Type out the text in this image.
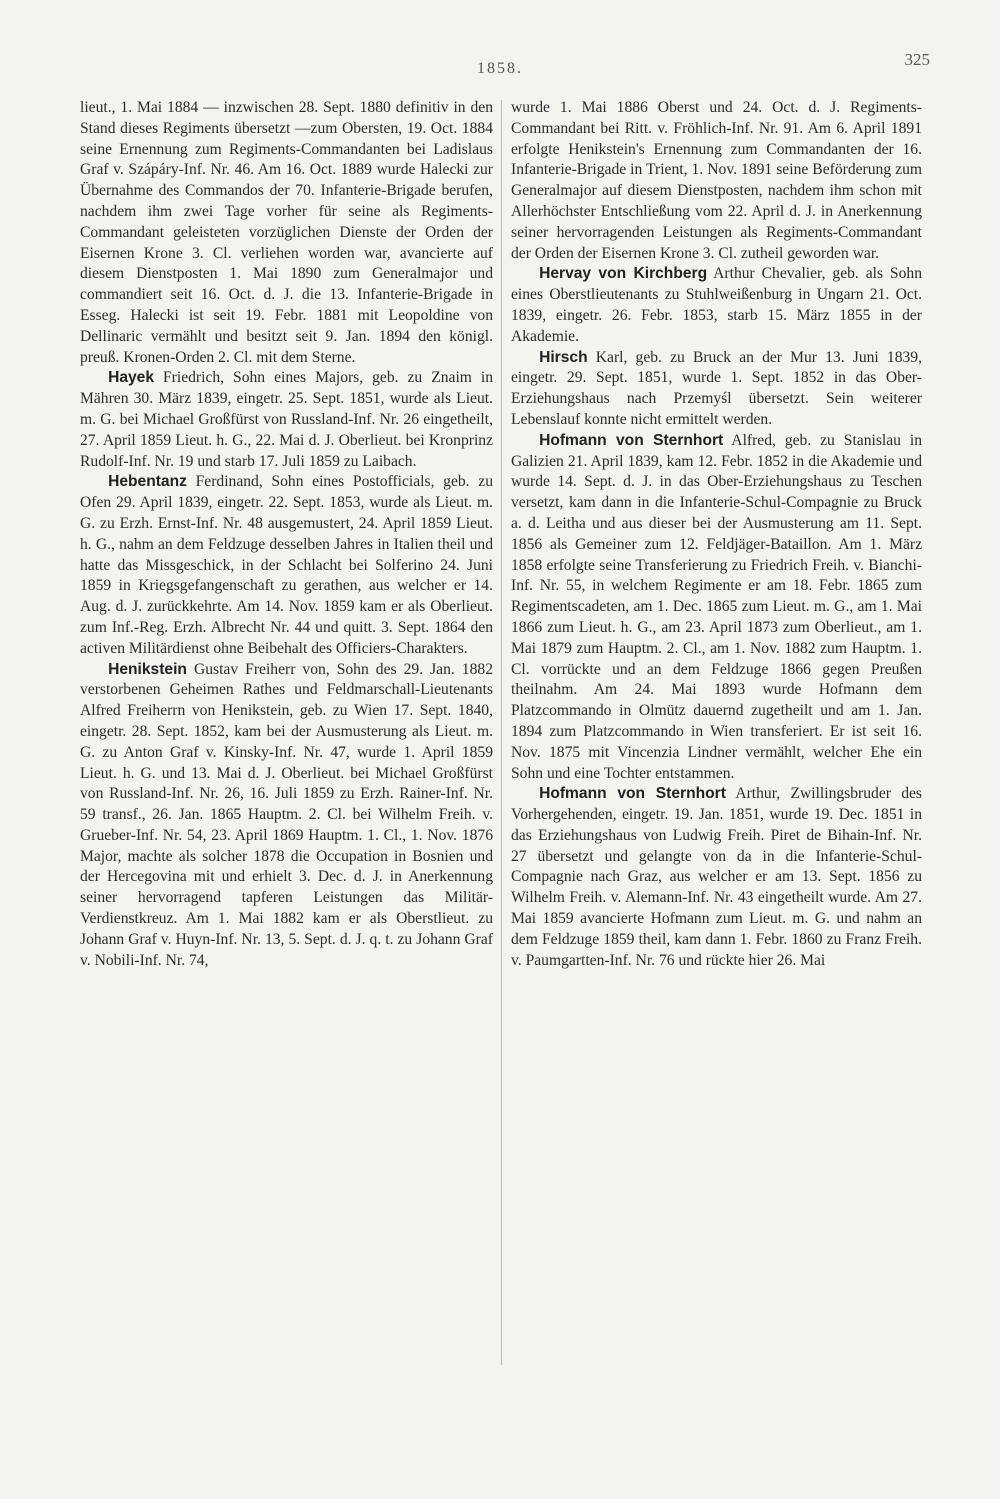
1858.	325

lieut., 1. Mai 1884 — inzwischen 28. Sept. 1880 definitiv in den Stand dieses Regiments übersetzt —zum Obersten, 19. Oct. 1884 seine Ernennung zum Regiments-Commandanten bei Ladislaus Graf v. Szápáry-Inf. Nr. 46. Am 16. Oct. 1889 wurde Halecki zur Übernahme des Commandos der 70. Infanterie-Brigade berufen, nachdem ihm zwei Tage vorher für seine als Regiments-Commandant geleisteten vorzüglichen Dienste der Orden der Eisernen Krone 3. Cl. verliehen worden war, avancierte auf diesem Dienstposten 1. Mai 1890 zum Generalmajor und commandiert seit 16. Oct. d. J. die 13. Infanterie-Brigade in Esseg. Halecki ist seit 19. Febr. 1881 mit Leopoldine von Dellinaric vermählt und besitzt seit 9. Jan. 1894 den königl. preuß. Kronen-Orden 2. Cl. mit dem Sterne.

Hayek Friedrich, Sohn eines Majors, geb. zu Znaim in Mähren 30. März 1839, eingetr. 25. Sept. 1851, wurde als Lieut. m. G. bei Michael Großfürst von Russland-Inf. Nr. 26 eingetheilt, 27. April 1859 Lieut. h. G., 22. Mai d. J. Oberlieut. bei Kronprinz Rudolf-Inf. Nr. 19 und starb 17. Juli 1859 zu Laibach.

Hebentanz Ferdinand, Sohn eines Postofficials, geb. zu Ofen 29. April 1839, eingetr. 22. Sept. 1853, wurde als Lieut. m. G. zu Erzh. Ernst-Inf. Nr. 48 ausgemustert, 24. April 1859 Lieut. h. G., nahm an dem Feldzuge desselben Jahres in Italien theil und hatte das Missgeschick, in der Schlacht bei Solferino 24. Juni 1859 in Kriegsgefangenschaft zu gerathen, aus welcher er 14. Aug. d. J. zurückkehrte. Am 14. Nov. 1859 kam er als Oberlieut. zum Inf.-Reg. Erzh. Albrecht Nr. 44 und quitt. 3. Sept. 1864 den activen Militärdienst ohne Beibehalt des Officiers-Charakters.

Henikstein Gustav Freiherr von, Sohn des 29. Jan. 1882 verstorbenen Geheimen Rathes und Feldmarschall-Lieutenants Alfred Freiherrn von Henikstein, geb. zu Wien 17. Sept. 1840, eingetr. 28. Sept. 1852, kam bei der Ausmusterung als Lieut. m. G. zu Anton Graf v. Kinsky-Inf. Nr. 47, wurde 1. April 1859 Lieut. h. G. und 13. Mai d. J. Oberlieut. bei Michael Großfürst von Russland-Inf. Nr. 26, 16. Juli 1859 zu Erzh. Rainer-Inf. Nr. 59 transf., 26. Jan. 1865 Hauptm. 2. Cl. bei Wilhelm Freih. v. Grueber-Inf. Nr. 54, 23. April 1869 Hauptm. 1. Cl., 1. Nov. 1876 Major, machte als solcher 1878 die Occupation in Bosnien und der Hercegovina mit und erhielt 3. Dec. d. J. in Anerkennung seiner hervorragend tapferen Leistungen das Militär-Verdienstkreuz. Am 1. Mai 1882 kam er als Oberstlieut. zu Johann Graf v. Huyn-Inf. Nr. 13, 5. Sept. d. J. q. t. zu Johann Graf v. Nobili-Inf. Nr. 74,

wurde 1. Mai 1886 Oberst und 24. Oct. d. J. Regiments-Commandant bei Ritt. v. Fröhlich-Inf. Nr. 91. Am 6. April 1891 erfolgte Henikstein's Ernennung zum Commandanten der 16. Infanterie-Brigade in Trient, 1. Nov. 1891 seine Beförderung zum Generalmajor auf diesem Dienstposten, nachdem ihm schon mit Allerhöchster Entschließung vom 22. April d. J. in Anerkennung seiner hervorragenden Leistungen als Regiments-Commandant der Orden der Eisernen Krone 3. Cl. zutheil geworden war.

Hervay von Kirchberg Arthur Chevalier, geb. als Sohn eines Oberstlieutenants zu Stuhlweißenburg in Ungarn 21. Oct. 1839, eingetr. 26. Febr. 1853, starb 15. März 1855 in der Akademie.

Hirsch Karl, geb. zu Bruck an der Mur 13. Juni 1839, eingetr. 29. Sept. 1851, wurde 1. Sept. 1852 in das Ober-Erziehungshaus nach Przemyśl übersetzt. Sein weiterer Lebenslauf konnte nicht ermittelt werden.

Hofmann von Sternhort Alfred, geb. zu Stanislau in Galizien 21. April 1839, kam 12. Febr. 1852 in die Akademie und wurde 14. Sept. d. J. in das Ober-Erziehungshaus zu Teschen versetzt, kam dann in die Infanterie-Schul-Compagnie zu Bruck a. d. Leitha und aus dieser bei der Ausmusterung am 11. Sept. 1856 als Gemeiner zum 12. Feldjäger-Bataillon. Am 1. März 1858 erfolgte seine Transferierung zu Friedrich Freih. v. Bianchi-Inf. Nr. 55, in welchem Regimente er am 18. Febr. 1865 zum Regimentscadeten, am 1. Dec. 1865 zum Lieut. m. G., am 1. Mai 1866 zum Lieut. h. G., am 23. April 1873 zum Oberlieut., am 1. Mai 1879 zum Hauptm. 2. Cl., am 1. Nov. 1882 zum Hauptm. 1. Cl. vorrückte und an dem Feldzuge 1866 gegen Preußen theilnahm. Am 24. Mai 1893 wurde Hofmann dem Platzcommando in Olmütz dauernd zugetheilt und am 1. Jan. 1894 zum Platzcommando in Wien transferiert. Er ist seit 16. Nov. 1875 mit Vincenzia Lindner vermählt, welcher Ehe ein Sohn und eine Tochter entstammen.

Hofmann von Sternhort Arthur, Zwillingsbruder des Vorhergehenden, eingetr. 19. Jan. 1851, wurde 19. Dec. 1851 in das Erziehungshaus von Ludwig Freih. Piret de Bihain-Inf. Nr. 27 übersetzt und gelangte von da in die Infanterie-Schul-Compagnie nach Graz, aus welcher er am 13. Sept. 1856 zu Wilhelm Freih. v. Alemann-Inf. Nr. 43 eingetheilt wurde. Am 27. Mai 1859 avancierte Hofmann zum Lieut. m. G. und nahm an dem Feldzuge 1859 theil, kam dann 1. Febr. 1860 zu Franz Freih. v. Paumgartten-Inf. Nr. 76 und rückte hier 26. Mai
